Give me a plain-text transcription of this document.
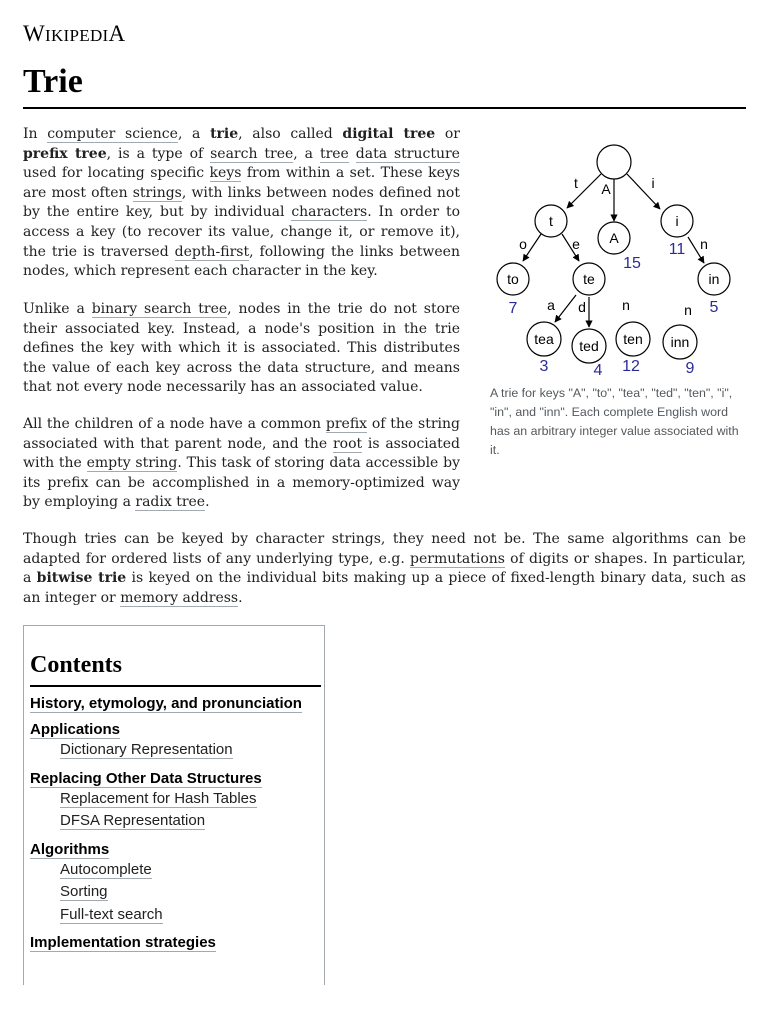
WIKIPEDIA
Trie

In computer science, a trie, also called digital tree or prefix tree, is a type of search tree, a tree data structure used for locating specific keys from within a set. These keys are most often strings, with links between nodes defined not by the entire key, but by individual characters. In order to access a key (to recover its value, change it, or remove it), the trie is traversed depth-first, following the links between nodes, which represent each character in the key.

Unlike a binary search tree, nodes in the trie do not store their associated key. Instead, a node's position in the trie defines the key with which it is associated. This distributes the value of each key across the data structure, and means that not every node necessarily has an associated value.

All the children of a node have a common prefix of the string associated with that parent node, and the root is associated with the empty string. This task of storing data accessible by its prefix can be accomplished in a memory-optimized way by employing a radix tree.

Though tries can be keyed by character strings, they need not be. The same algorithms can be adapted for ordered lists of any underlying type, e.g. permutations of digits or shapes. In particular, a bitwise trie is keyed on the individual bits making up a piece of fixed-length binary data, such as an integer or memory address.

t
A
i
to	te	in
tea ted ten inn
t A	i
o	e	n
a d	n	n
15
11
7	5
3	4 12	9

A trie for keys "A", "to", "tea", "ted", "ten", "i", "in", and "inn". Each complete English word has an arbitrary integer value associated with it.

Contents
History, etymology, and pronunciation
Applications
Dictionary Representation
Replacing Other Data Structures
Replacement for Hash Tables
DFSA Representation
Algorithms
Autocomplete
Sorting
Full-text search
Implementation strategies
